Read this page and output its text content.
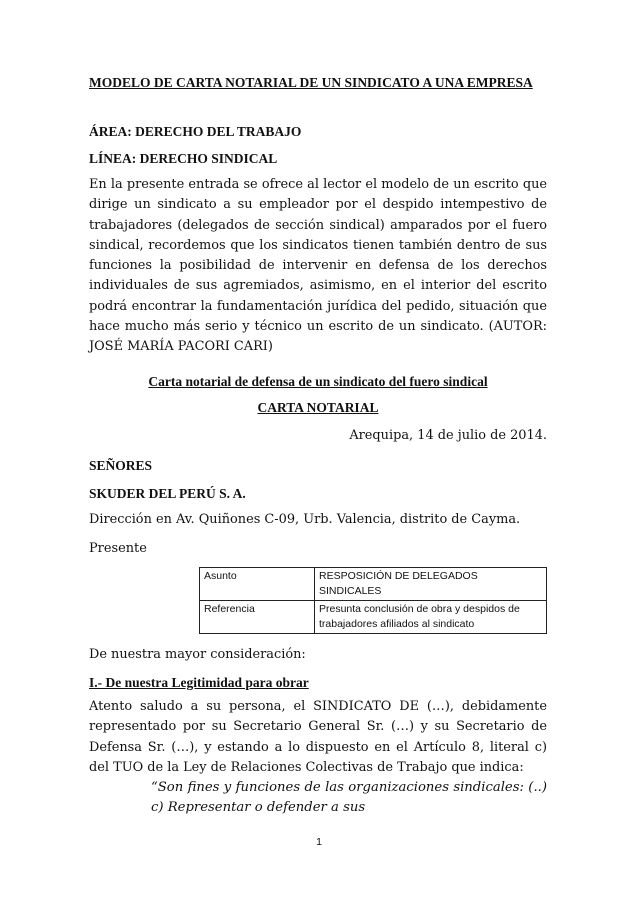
MODELO DE CARTA NOTARIAL DE UN SINDICATO A UNA EMPRESA

ÁREA: DERECHO DEL TRABAJO

LÍNEA: DERECHO SINDICAL

En la presente entrada se ofrece al lector el modelo de un escrito que dirige un sindicato a su empleador por el despido intempestivo de trabajadores (delegados de sección sindical) amparados por el fuero sindical, recordemos que los sindicatos tienen también dentro de sus funciones la posibilidad de intervenir en defensa de los derechos individuales de sus agremiados, asimismo, en el interior del escrito podrá encontrar la fundamentación jurídica del pedido, situación que hace mucho más serio y técnico un escrito de un sindicato. (AUTOR: JOSÉ MARÍA PACORI CARI)

Carta notarial de defensa de un sindicato del fuero sindical

CARTA NOTARIAL

Arequipa, 14 de julio de 2014.

SEÑORES

SKUDER DEL PERÚ S. A.

Dirección en Av. Quiñones C-09, Urb. Valencia, distrito de Cayma.

Presente

Asunto	RESPOSICIÓN DE DELEGADOS SINDICALES
Referencia	Presunta conclusión de obra y despidos de trabajadores afiliados al sindicato

De nuestra mayor consideración:

I.- De nuestra Legitimidad para obrar

Atento saludo a su persona, el SINDICATO DE (…), debidamente representado por su Secretario General Sr. (…) y su Secretario de Defensa Sr. (…), y estando a lo dispuesto en el Artículo 8, literal c) del TUO de la Ley de Relaciones Colectivas de Trabajo que indica:

“Son fines y funciones de las organizaciones sindicales: (..) c) Representar o defender a sus

1
